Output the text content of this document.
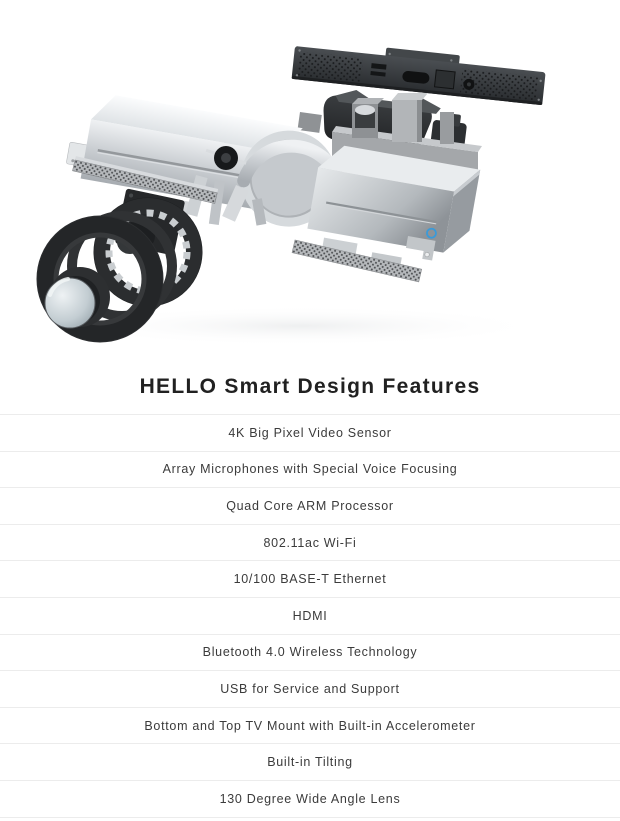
HELLO Smart Design Features
4K Big Pixel Video Sensor
Array Microphones with Special Voice Focusing
Quad Core ARM Processor
802.11ac Wi-Fi
10/100 BASE-T Ethernet
HDMI
Bluetooth 4.0 Wireless Technology
USB for Service and Support
Bottom and Top TV Mount with Built-in Accelerometer
Built-in Tilting
130 Degree Wide Angle Lens
